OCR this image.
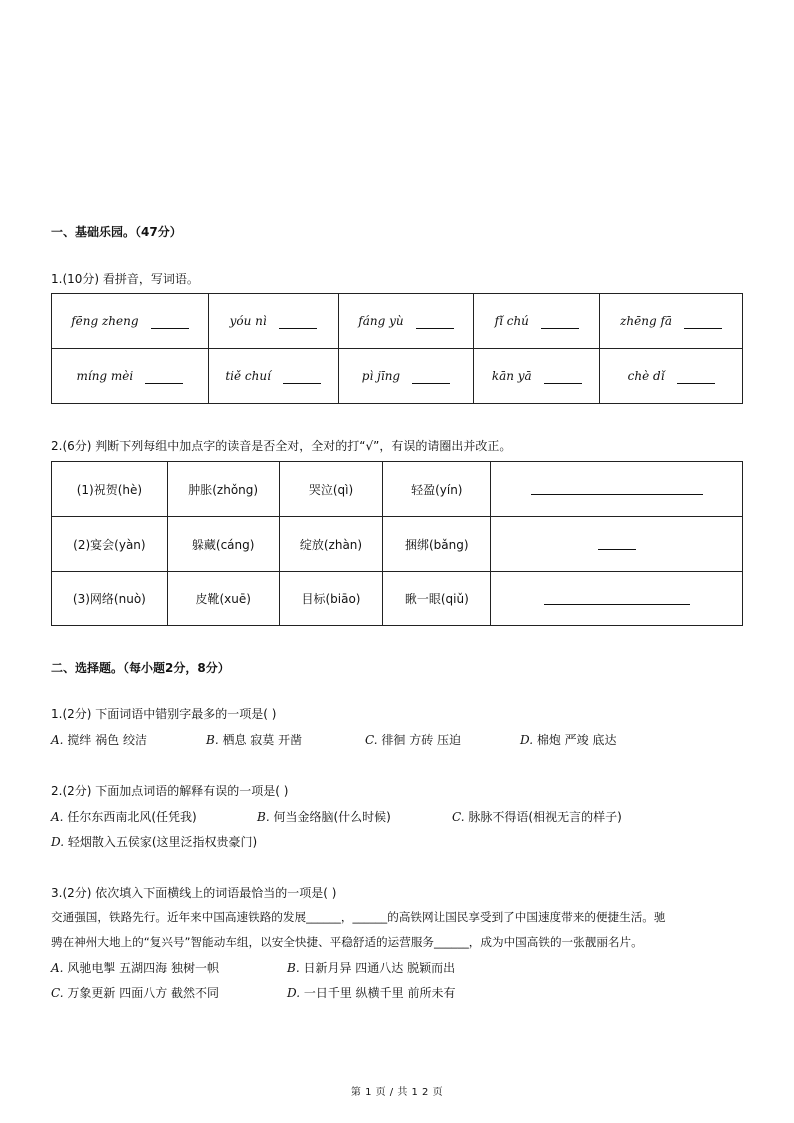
一、基础乐园。（47分）
1.(10分) 看拼音，写词语。
fēng zheng	yóu nì	fáng yù	fǐ chú	zhēng fā

míng mèi	tiě chuí	pì jīng	kān yā	chè dǐ
2.(6分) 判断下列每组中加点字的读音是否全对，全对的打“√”，有误的请圈出并改正。
(1)祝贺(hè)	肿胀(zhǒng)	哭泣(qì)	轻盈(yín)	
(2)宴会(yàn)	躲藏(cáng)	绽放(zhàn)	捆绑(bǎng)	
(3)网络(nuò)	皮靴(xuē)	目标(biāo)	瞅一眼(qiǔ)	
二、选择题。（每小题2分，8分）
1.(2分) 下面词语中错别字最多的一项是( )
A. 搅绊 祸色 绞洁	B. 栖息 寂莫 开凿	C. 徘徊 方砖 压迫	D. 棉炮 严竣 底达
2.(2分) 下面加点词语的解释有误的一项是( )
A. 任尔东西南北风(任凭我)	B. 何当金络脑(什么时候)	C. 脉脉不得语(相视无言的样子)
D. 轻烟散入五侯家(这里泛指权贵豪门)
3.(2分) 依次填入下面横线上的词语最恰当的一项是( )
交通强国，铁路先行。近年来中国高速铁路的发展______，______的高铁网让国民享受到了中国速度带来的便捷生活。驰
骋在神州大地上的“复兴号”智能动车组，以安全快捷、平稳舒适的运营服务______，成为中国高铁的一张靓丽名片。
A. 风驰电掣 五湖四海 独树一帜	B. 日新月异 四通八达 脱颖而出
C. 万象更新 四面八方 截然不同	D. 一日千里 纵横千里 前所未有
第 1 页 / 共 1 2 页
